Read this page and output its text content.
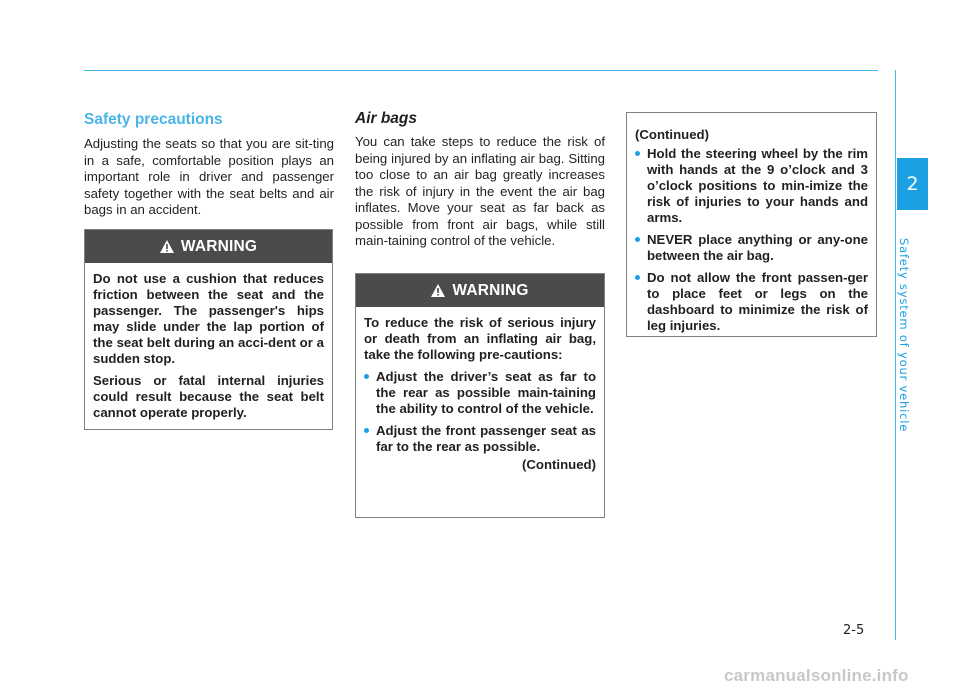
2
Safety system of your vehicle
Safety precautions

Adjusting the seats so that you are sit-ting in a safe, comfortable position plays an important role in driver and passenger safety together with the seat belts and air bags in an accident.

WARNING

Do not use a cushion that reduces friction between the seat and the passenger. The passenger's hips may slide under the lap portion of the seat belt during an acci-dent or a sudden stop.

Serious or fatal internal injuries could result because the seat belt cannot operate properly.

Air bags

You can take steps to reduce the risk of being injured by an inflating air bag. Sitting too close to an air bag greatly increases the risk of injury in the event the air bag inflates. Move your seat as far back as possible from front air bags, while still main-taining control of the vehicle.

WARNING

To reduce the risk of serious injury or death from an inflating air bag, take the following pre-cautions:

Adjust the driver’s seat as far to the rear as possible main-taining the ability to control of the vehicle.
Adjust the front passenger seat as far to the rear as possible.

(Continued)

(Continued)

Hold the steering wheel by the rim with hands at the 9 o’clock and 3 o’clock positions to min-imize the risk of injuries to your hands and arms.
NEVER place anything or any-one between the air bag.
Do not allow the front passen-ger to place feet or legs on the dashboard to minimize the risk of leg injuries.
2-5
carmanualsonline.info
